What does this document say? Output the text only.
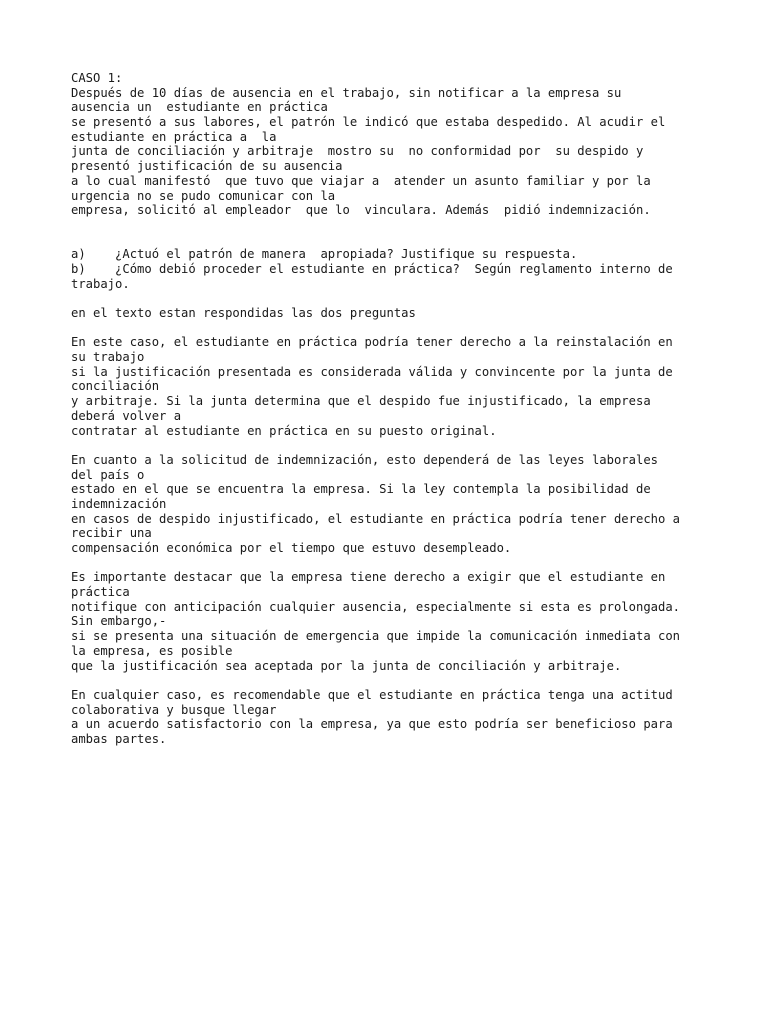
CASO 1:
Después de 10 días de ausencia en el trabajo, sin notificar a la empresa su
ausencia un  estudiante en práctica
se presentó a sus labores, el patrón le indicó que estaba despedido. Al acudir el
estudiante en práctica a  la
junta de conciliación y arbitraje  mostro su  no conformidad por  su despido y
presentó justificación de su ausencia
a lo cual manifestó  que tuvo que viajar a  atender un asunto familiar y por la
urgencia no se pudo comunicar con la
empresa, solicitó al empleador  que lo  vinculara. Además  pidió indemnización.
a)    ¿Actuó el patrón de manera  apropiada? Justifique su respuesta.
b)    ¿Cómo debió proceder el estudiante en práctica?  Según reglamento interno de
trabajo.
en el texto estan respondidas las dos preguntas
En este caso, el estudiante en práctica podría tener derecho a la reinstalación en
su trabajo
si la justificación presentada es considerada válida y convincente por la junta de
conciliación
y arbitraje. Si la junta determina que el despido fue injustificado, la empresa
deberá volver a
contratar al estudiante en práctica en su puesto original.
En cuanto a la solicitud de indemnización, esto dependerá de las leyes laborales
del país o
estado en el que se encuentra la empresa. Si la ley contempla la posibilidad de
indemnización
en casos de despido injustificado, el estudiante en práctica podría tener derecho a
recibir una
compensación económica por el tiempo que estuvo desempleado.
Es importante destacar que la empresa tiene derecho a exigir que el estudiante en
práctica
notifique con anticipación cualquier ausencia, especialmente si esta es prolongada.
Sin embargo,-
si se presenta una situación de emergencia que impide la comunicación inmediata con
la empresa, es posible
que la justificación sea aceptada por la junta de conciliación y arbitraje.
En cualquier caso, es recomendable que el estudiante en práctica tenga una actitud
colaborativa y busque llegar
a un acuerdo satisfactorio con la empresa, ya que esto podría ser beneficioso para
ambas partes.
